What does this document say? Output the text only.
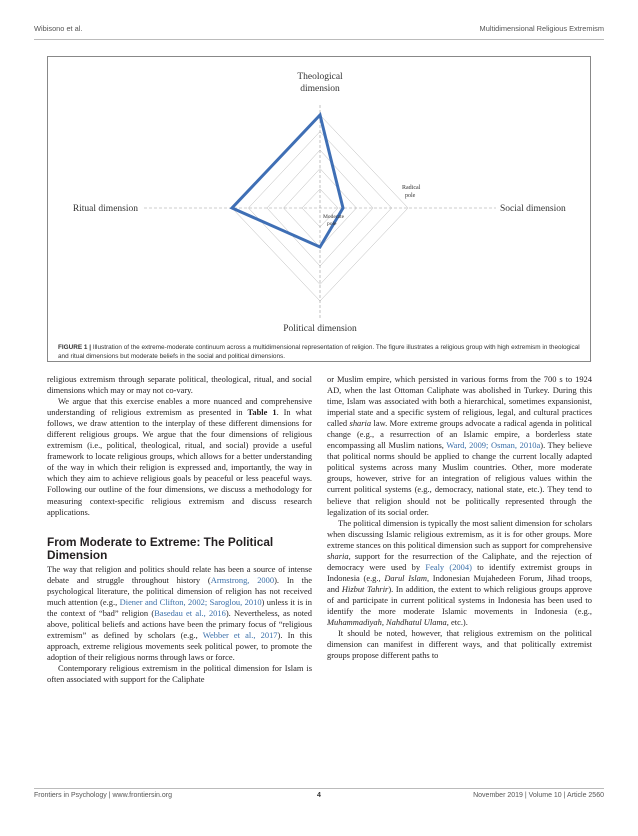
Wibisono et al.	Multidimensional Religious Extremism
Theological
dimension
Ritual dimension	Social dimension
Political dimension
Radical
pole
Moderate
pole
FIGURE 1 | Illustration of the extreme-moderate continuum across a multidimensional representation of religion. The figure illustrates a religious group with high extremism in theological and ritual dimensions but moderate beliefs in the social and political dimensions.

religious extremism through separate political, theological, ritual, and social dimensions which may or may not co-vary.

We argue that this exercise enables a more nuanced and comprehensive understanding of religious extremism as presented in Table 1. In what follows, we draw attention to the interplay of these different dimensions for different religious groups. We argue that the four dimensions of religious extremism (i.e., political, theological, ritual, and social) provide a useful framework to locate religious groups, which allows for a better understanding of the way in which their religion is expressed and, importantly, the way in which they aim to achieve religious goals by peaceful or less peaceful ways. Following our outline of the four dimensions, we discuss a methodology for measuring context-specific religious extremism and discuss research applications.

From Moderate to Extreme: The Political Dimension

The way that religion and politics should relate has been a source of intense debate and struggle throughout history (Armstrong, 2000). In the psychological literature, the political dimension of religion has not received much attention (e.g., Diener and Clifton, 2002; Saroglou, 2010) unless it is in the context of “bad” religion (Basedau et al., 2016). Nevertheless, as noted above, political beliefs and actions have been the primary focus of “religious extremism” as defined by scholars (e.g., Webber et al., 2017). In this approach, extreme religious movements seek political power, to promote the adoption of their religious norms through laws or force.

Contemporary religious extremism in the political dimension for Islam is often associated with support for the Caliphate

or Muslim empire, which persisted in various forms from the 700 s to 1924 AD, when the last Ottoman Caliphate was abolished in Turkey. During this time, Islam was associated with both a hierarchical, sometimes expansionist, imperial state and a specific system of religious, legal, and cultural practices called sharia law. More extreme groups advocate a radical agenda in political change (e.g., a resurrection of an Islamic empire, a borderless state encompassing all Muslim nations, Ward, 2009; Osman, 2010a). They believe that political norms should be applied to change the current locally adapted political systems across many Muslim countries. Other, more moderate groups, however, strive for an integration of religious values within the current political systems (e.g., democracy, national state, etc.). They tend to believe that religion should not be politically represented through the legalization of its social order.

The political dimension is typically the most salient dimension for scholars when discussing Islamic religious extremism, as it is for other groups. More extreme stances on this political dimension such as support for comprehensive sharia, support for the resurrection of the Caliphate, and the rejection of democracy were used by Fealy (2004) to identify extremist groups in Indonesia (e.g., Darul Islam, Indonesian Mujahedeen Forum, Jihad troops, and Hizbut Tahrir). In addition, the extent to which religious groups approve of and participate in current political systems in Indonesia has been used to identify the more moderate Islamic movements in Indonesia (e.g., Muhammadiyah, Nahdhatul Ulama, etc.).

It should be noted, however, that religious extremism on the political dimension can manifest in different ways, and that politically extremist groups propose different paths to

Frontiers in Psychology | www.frontiersin.org	4	November 2019 | Volume 10 | Article 2560
